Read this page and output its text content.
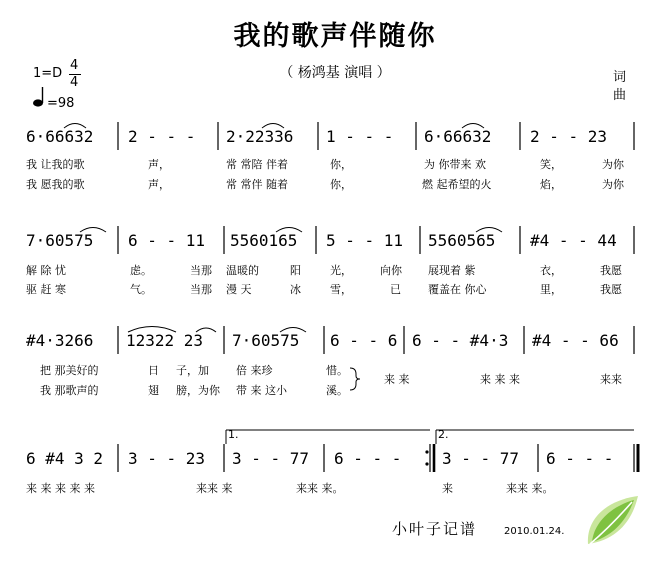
我的歌声伴随你
（ 杨鸿基 演唱 ）
1=D
4
4
=98
词
曲
6·66632 2 - - - 2·22336 1 - - - 6·66632 2 - - 23
我 让我的歌	声，	常 常陪 伴着	你，	为 你带来 欢	笑，	为你
我 愿我的歌	声，	常 常伴 随着	你，	燃 起希望的火	焰，	为你
7·60575 6 - - 11 5560165 5 - - 11 5560565 #4 - - 44
解 除 忧	虑。	当那 温暖的	阳	光，	向你 展现着 紫	衣，	我愿
驱 赶 寒	气。	当那 漫 天	冰	雪，	已 覆盖在 你心	里，	我愿
#4·3266 12322 23 7·60575 6 - - 6 6 - - #4·3 #4 - - 66
把 那美好的	日 子，加 倍 来珍	惜。
来 来	来 来 来	来来
我 那歌声的	翅 膀，为你 带 来 这小	溪。
6 #4 3 2 3 - - 23 3 - - 77 6 - - -	3 - - 77 6 - - -
1.	2.
来 来 来 来 来	来来 来	来来 来。	来	来来 来。
小叶子记谱	2010.01.24.
